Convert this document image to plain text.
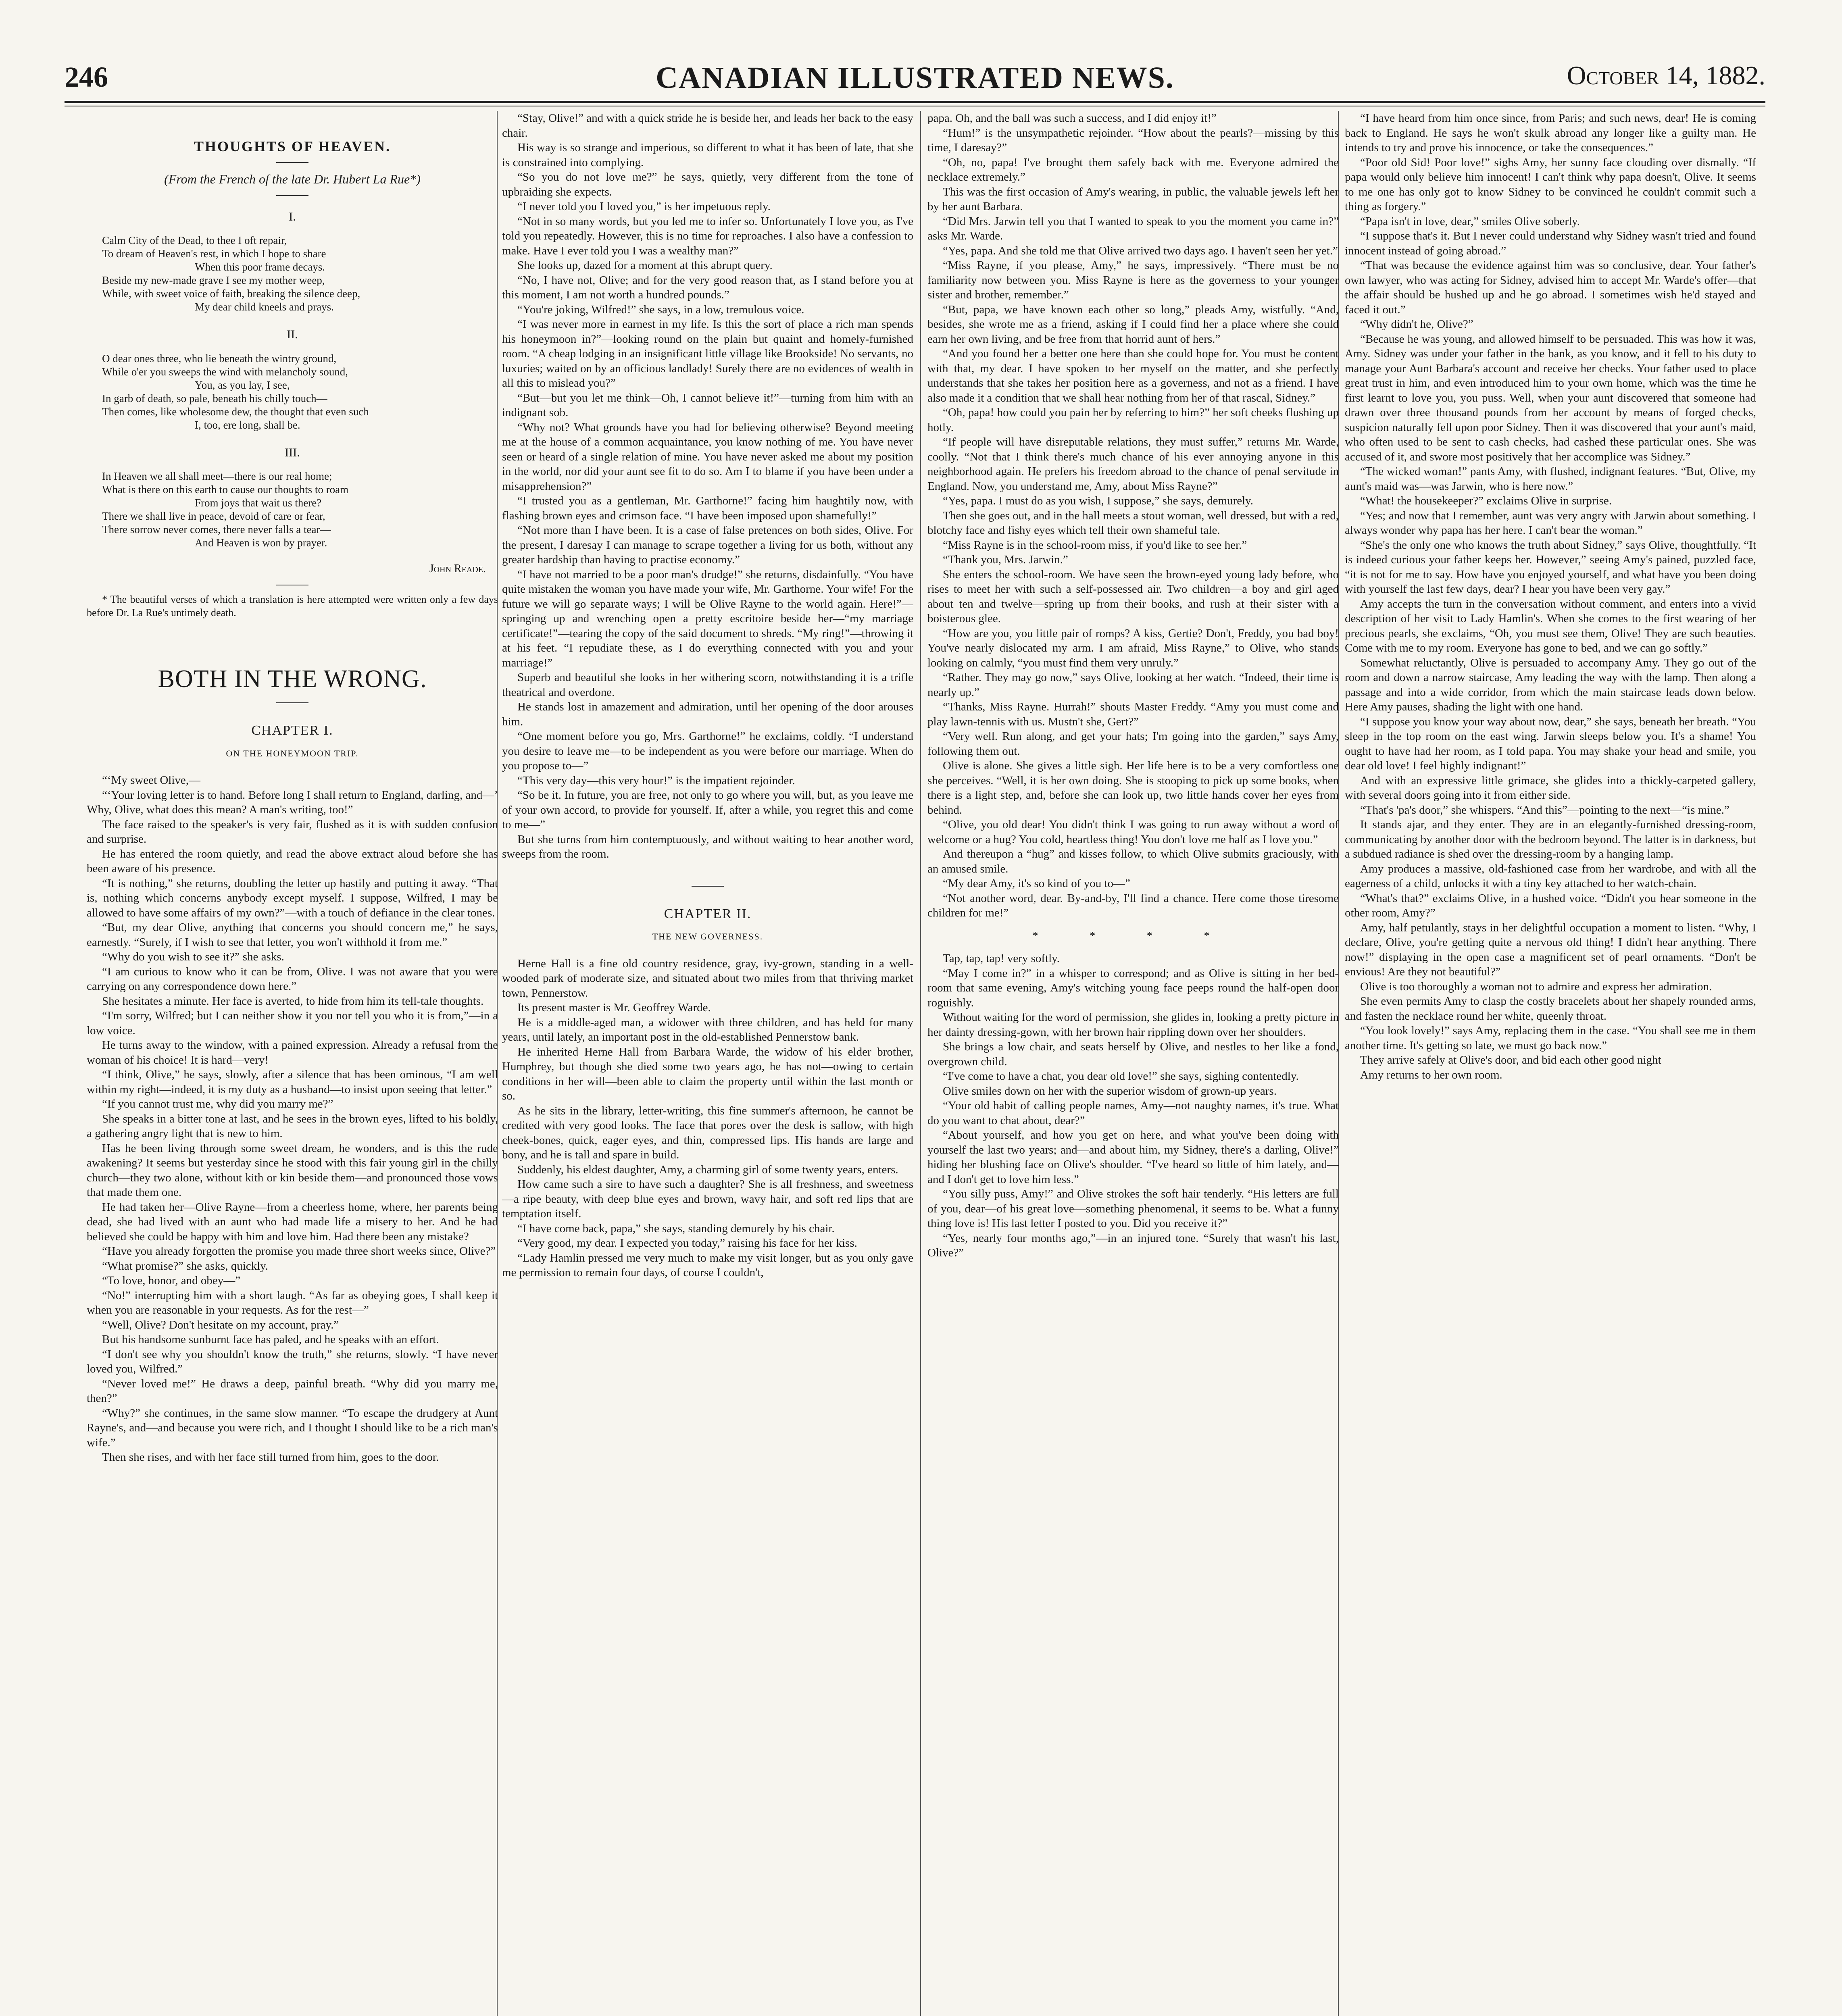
246	CANADIAN ILLUSTRATED NEWS.	October 14, 1882.
THOUGHTS OF HEAVEN.
(From the French of the late Dr. Hubert La Rue*)
I.

Calm City of the Dead, to thee I oft repair,

To dream of Heaven's rest, in which I hope to share

When this poor frame decays.

Beside my new-made grave I see my mother weep,

While, with sweet voice of faith, breaking the silence deep,

My dear child kneels and prays.

II.

O dear ones three, who lie beneath the wintry ground,

While o'er you sweeps the wind with melancholy sound,

You, as you lay, I see,

In garb of death, so pale, beneath his chilly touch—

Then comes, like wholesome dew, the thought that even such

I, too, ere long, shall be.

III.

In Heaven we all shall meet—there is our real home;

What is there on this earth to cause our thoughts to roam

From joys that wait us there?

There we shall live in peace, devoid of care or fear,

There sorrow never comes, there never falls a tear—

And Heaven is won by prayer.

John Reade.

* The beautiful verses of which a translation is here attempted were written only a few days before Dr. La Rue's untimely death.

BOTH IN THE WRONG.
CHAPTER I.
ON THE HONEYMOON TRIP.

“‘My sweet Olive,—

“‘Your loving letter is to hand. Before long I shall return to England, darling, and—’ Why, Olive, what does this mean? A man's writing, too!”

The face raised to the speaker's is very fair, flushed as it is with sudden confusion and surprise.

He has entered the room quietly, and read the above extract aloud before she has been aware of his presence.

“It is nothing,” she returns, doubling the letter up hastily and putting it away. “That is, nothing which concerns anybody except myself. I suppose, Wilfred, I may be allowed to have some affairs of my own?”—with a touch of defiance in the clear tones.

“But, my dear Olive, anything that concerns you should concern me,” he says, earnestly. “Surely, if I wish to see that letter, you won't withhold it from me.”

“Why do you wish to see it?” she asks.

“I am curious to know who it can be from, Olive. I was not aware that you were carrying on any correspondence down here.”

She hesitates a minute. Her face is averted, to hide from him its tell-tale thoughts.

“I'm sorry, Wilfred; but I can neither show it you nor tell you who it is from,”—in a low voice.

He turns away to the window, with a pained expression. Already a refusal from the woman of his choice! It is hard—very!

“I think, Olive,” he says, slowly, after a silence that has been ominous, “I am well within my right—indeed, it is my duty as a husband—to insist upon seeing that letter.”

“If you cannot trust me, why did you marry me?”

She speaks in a bitter tone at last, and he sees in the brown eyes, lifted to his boldly, a gathering angry light that is new to him.

Has he been living through some sweet dream, he wonders, and is this the rude awakening? It seems but yesterday since he stood with this fair young girl in the chilly church—they two alone, without kith or kin beside them—and pronounced those vows that made them one.

He had taken her—Olive Rayne—from a cheerless home, where, her parents being dead, she had lived with an aunt who had made life a misery to her. And he had believed she could be happy with him and love him. Had there been any mistake?

“Have you already forgotten the promise you made three short weeks since, Olive?”

“What promise?” she asks, quickly.

“To love, honor, and obey—”

“No!” interrupting him with a short laugh. “As far as obeying goes, I shall keep it when you are reasonable in your requests. As for the rest—”

“Well, Olive? Don't hesitate on my account, pray.”

But his handsome sunburnt face has paled, and he speaks with an effort.

“I don't see why you shouldn't know the truth,” she returns, slowly. “I have never loved you, Wilfred.”

“Never loved me!” He draws a deep, painful breath. “Why did you marry me, then?”

“Why?” she continues, in the same slow manner. “To escape the drudgery at Aunt Rayne's, and—and because you were rich, and I thought I should like to be a rich man's wife.”

Then she rises, and with her face still turned from him, goes to the door.

“Stay, Olive!” and with a quick stride he is beside her, and leads her back to the easy chair.

His way is so strange and imperious, so different to what it has been of late, that she is constrained into complying.

“So you do not love me?” he says, quietly, very different from the tone of upbraiding she expects.

“I never told you I loved you,” is her impetuous reply.

“Not in so many words, but you led me to infer so. Unfortunately I love you, as I've told you repeatedly. However, this is no time for reproaches. I also have a confession to make. Have I ever told you I was a wealthy man?”

She looks up, dazed for a moment at this abrupt query.

“No, I have not, Olive; and for the very good reason that, as I stand before you at this moment, I am not worth a hundred pounds.”

“You're joking, Wilfred!” she says, in a low, tremulous voice.

“I was never more in earnest in my life. Is this the sort of place a rich man spends his honeymoon in?”—looking round on the plain but quaint and homely-furnished room. “A cheap lodging in an insignificant little village like Brookside! No servants, no luxuries; waited on by an officious landlady! Surely there are no evidences of wealth in all this to mislead you?”

“But—but you let me think—Oh, I cannot believe it!”—turning from him with an indignant sob.

“Why not? What grounds have you had for believing otherwise? Beyond meeting me at the house of a common acquaintance, you know nothing of me. You have never seen or heard of a single relation of mine. You have never asked me about my position in the world, nor did your aunt see fit to do so. Am I to blame if you have been under a misapprehension?”

“I trusted you as a gentleman, Mr. Garthorne!” facing him haughtily now, with flashing brown eyes and crimson face. “I have been imposed upon shamefully!”

“Not more than I have been. It is a case of false pretences on both sides, Olive. For the present, I daresay I can manage to scrape together a living for us both, without any greater hardship than having to practise economy.”

“I have not married to be a poor man's drudge!” she returns, disdainfully. “You have quite mistaken the woman you have made your wife, Mr. Garthorne. Your wife! For the future we will go separate ways; I will be Olive Rayne to the world again. Here!”—springing up and wrenching open a pretty escritoire beside her—“my marriage certificate!”—tearing the copy of the said document to shreds. “My ring!”—throwing it at his feet. “I repudiate these, as I do everything connected with you and your marriage!”

Superb and beautiful she looks in her withering scorn, notwithstanding it is a trifle theatrical and overdone.

He stands lost in amazement and admiration, until her opening of the door arouses him.

“One moment before you go, Mrs. Garthorne!” he exclaims, coldly. “I understand you desire to leave me—to be independent as you were before our marriage. When do you propose to—”

“This very day—this very hour!” is the impatient rejoinder.

“So be it. In future, you are free, not only to go where you will, but, as you leave me of your own accord, to provide for yourself. If, after a while, you regret this and come to me—”

But she turns from him contemptuously, and without waiting to hear another word, sweeps from the room.

CHAPTER II.
THE NEW GOVERNESS.

Herne Hall is a fine old country residence, gray, ivy-grown, standing in a well-wooded park of moderate size, and situated about two miles from that thriving market town, Pennerstow.

Its present master is Mr. Geoffrey Warde.

He is a middle-aged man, a widower with three children, and has held for many years, until lately, an important post in the old-established Pennerstow bank.

He inherited Herne Hall from Barbara Warde, the widow of his elder brother, Humphrey, but though she died some two years ago, he has not—owing to certain conditions in her will—been able to claim the property until within the last month or so.

As he sits in the library, letter-writing, this fine summer's afternoon, he cannot be credited with very good looks. The face that pores over the desk is sallow, with high cheek-bones, quick, eager eyes, and thin, compressed lips. His hands are large and bony, and he is tall and spare in build.

Suddenly, his eldest daughter, Amy, a charming girl of some twenty years, enters.

How came such a sire to have such a daughter? She is all freshness, and sweetness—a ripe beauty, with deep blue eyes and brown, wavy hair, and soft red lips that are temptation itself.

“I have come back, papa,” she says, standing demurely by his chair.

“Very good, my dear. I expected you today,” raising his face for her kiss.

“Lady Hamlin pressed me very much to make my visit longer, but as you only gave me permission to remain four days, of course I couldn't,

papa. Oh, and the ball was such a success, and I did enjoy it!”

“Hum!” is the unsympathetic rejoinder. “How about the pearls?—missing by this time, I daresay?”

“Oh, no, papa! I've brought them safely back with me. Everyone admired the necklace extremely.”

This was the first occasion of Amy's wearing, in public, the valuable jewels left her by her aunt Barbara.

“Did Mrs. Jarwin tell you that I wanted to speak to you the moment you came in?” asks Mr. Warde.

“Yes, papa. And she told me that Olive arrived two days ago. I haven't seen her yet.”

“Miss Rayne, if you please, Amy,” he says, impressively. “There must be no familiarity now between you. Miss Rayne is here as the governess to your younger sister and brother, remember.”

“But, papa, we have known each other so long,” pleads Amy, wistfully. “And, besides, she wrote me as a friend, asking if I could find her a place where she could earn her own living, and be free from that horrid aunt of hers.”

“And you found her a better one here than she could hope for. You must be content with that, my dear. I have spoken to her myself on the matter, and she perfectly understands that she takes her position here as a governess, and not as a friend. I have also made it a condition that we shall hear nothing from her of that rascal, Sidney.”

“Oh, papa! how could you pain her by referring to him?” her soft cheeks flushing up hotly.

“If people will have disreputable relations, they must suffer,” returns Mr. Warde, coolly. “Not that I think there's much chance of his ever annoying anyone in this neighborhood again. He prefers his freedom abroad to the chance of penal servitude in England. Now, you understand me, Amy, about Miss Rayne?”

“Yes, papa. I must do as you wish, I suppose,” she says, demurely.

Then she goes out, and in the hall meets a stout woman, well dressed, but with a red, blotchy face and fishy eyes which tell their own shameful tale.

“Miss Rayne is in the school-room miss, if you'd like to see her.”

“Thank you, Mrs. Jarwin.”

She enters the school-room. We have seen the brown-eyed young lady before, who rises to meet her with such a self-possessed air. Two children—a boy and girl aged about ten and twelve—spring up from their books, and rush at their sister with a boisterous glee.

“How are you, you little pair of romps? A kiss, Gertie? Don't, Freddy, you bad boy! You've nearly dislocated my arm. I am afraid, Miss Rayne,” to Olive, who stands looking on calmly, “you must find them very unruly.”

“Rather. They may go now,” says Olive, looking at her watch. “Indeed, their time is nearly up.”

“Thanks, Miss Rayne. Hurrah!” shouts Master Freddy. “Amy you must come and play lawn-tennis with us. Mustn't she, Gert?”

“Very well. Run along, and get your hats; I'm going into the garden,” says Amy, following them out.

Olive is alone. She gives a little sigh. Her life here is to be a very comfortless one she perceives. “Well, it is her own doing. She is stooping to pick up some books, when there is a light step, and, before she can look up, two little hands cover her eyes from behind.

“Olive, you old dear! You didn't think I was going to run away without a word of welcome or a hug? You cold, heartless thing! You don't love me half as I love you.”

And thereupon a “hug” and kisses follow, to which Olive submits graciously, with an amused smile.

“My dear Amy, it's so kind of you to—”

“Not another word, dear. By-and-by, I'll find a chance. Here come those tiresome children for me!”

* * * *

Tap, tap, tap! very softly.

“May I come in?” in a whisper to correspond; and as Olive is sitting in her bed-room that same evening, Amy's witching young face peeps round the half-open door roguishly.

Without waiting for the word of permission, she glides in, looking a pretty picture in her dainty dressing-gown, with her brown hair rippling down over her shoulders.

She brings a low chair, and seats herself by Olive, and nestles to her like a fond, overgrown child.

“I've come to have a chat, you dear old love!” she says, sighing contentedly.

Olive smiles down on her with the superior wisdom of grown-up years.

“Your old habit of calling people names, Amy—not naughty names, it's true. What do you want to chat about, dear?”

“About yourself, and how you get on here, and what you've been doing with yourself the last two years; and—and about him, my Sidney, there's a darling, Olive!” hiding her blushing face on Olive's shoulder. “I've heard so little of him lately, and—and I don't get to love him less.”

“You silly puss, Amy!” and Olive strokes the soft hair tenderly. “His letters are full of you, dear—of his great love—something phenomenal, it seems to be. What a funny thing love is! His last letter I posted to you. Did you receive it?”

“Yes, nearly four months ago,”—in an injured tone. “Surely that wasn't his last, Olive?”

“I have heard from him once since, from Paris; and such news, dear! He is coming back to England. He says he won't skulk abroad any longer like a guilty man. He intends to try and prove his innocence, or take the consequences.”

“Poor old Sid! Poor love!” sighs Amy, her sunny face clouding over dismally. “If papa would only believe him innocent! I can't think why papa doesn't, Olive. It seems to me one has only got to know Sidney to be convinced he couldn't commit such a thing as forgery.”

“Papa isn't in love, dear,” smiles Olive soberly.

“I suppose that's it. But I never could understand why Sidney wasn't tried and found innocent instead of going abroad.”

“That was because the evidence against him was so conclusive, dear. Your father's own lawyer, who was acting for Sidney, advised him to accept Mr. Warde's offer—that the affair should be hushed up and he go abroad. I sometimes wish he'd stayed and faced it out.”

“Why didn't he, Olive?”

“Because he was young, and allowed himself to be persuaded. This was how it was, Amy. Sidney was under your father in the bank, as you know, and it fell to his duty to manage your Aunt Barbara's account and receive her checks. Your father used to place great trust in him, and even introduced him to your own home, which was the time he first learnt to love you, you puss. Well, when your aunt discovered that someone had drawn over three thousand pounds from her account by means of forged checks, suspicion naturally fell upon poor Sidney. Then it was discovered that your aunt's maid, who often used to be sent to cash checks, had cashed these particular ones. She was accused of it, and swore most positively that her accomplice was Sidney.”

“The wicked woman!” pants Amy, with flushed, indignant features. “But, Olive, my aunt's maid was—was Jarwin, who is here now.”

“What! the housekeeper?” exclaims Olive in surprise.

“Yes; and now that I remember, aunt was very angry with Jarwin about something. I always wonder why papa has her here. I can't bear the woman.”

“She's the only one who knows the truth about Sidney,” says Olive, thoughtfully. “It is indeed curious your father keeps her. However,” seeing Amy's pained, puzzled face, “it is not for me to say. How have you enjoyed yourself, and what have you been doing with yourself the last few days, dear? I hear you have been very gay.”

Amy accepts the turn in the conversation without comment, and enters into a vivid description of her visit to Lady Hamlin's. When she comes to the first wearing of her precious pearls, she exclaims, “Oh, you must see them, Olive! They are such beauties. Come with me to my room. Everyone has gone to bed, and we can go softly.”

Somewhat reluctantly, Olive is persuaded to accompany Amy. They go out of the room and down a narrow staircase, Amy leading the way with the lamp. Then along a passage and into a wide corridor, from which the main staircase leads down below. Here Amy pauses, shading the light with one hand.

“I suppose you know your way about now, dear,” she says, beneath her breath. “You sleep in the top room on the east wing. Jarwin sleeps below you. It's a shame! You ought to have had her room, as I told papa. You may shake your head and smile, you dear old love! I feel highly indignant!”

And with an expressive little grimace, she glides into a thickly-carpeted gallery, with several doors going into it from either side.

“That's 'pa's door,” she whispers. “And this”—pointing to the next—“is mine.”

It stands ajar, and they enter. They are in an elegantly-furnished dressing-room, communicating by another door with the bedroom beyond. The latter is in darkness, but a subdued radiance is shed over the dressing-room by a hanging lamp.

Amy produces a massive, old-fashioned case from her wardrobe, and with all the eagerness of a child, unlocks it with a tiny key attached to her watch-chain.

“What's that?” exclaims Olive, in a hushed voice. “Didn't you hear someone in the other room, Amy?”

Amy, half petulantly, stays in her delightful occupation a moment to listen. “Why, I declare, Olive, you're getting quite a nervous old thing! I didn't hear anything. There now!” displaying in the open case a magnificent set of pearl ornaments. “Don't be envious! Are they not beautiful?”

Olive is too thoroughly a woman not to admire and express her admiration.

She even permits Amy to clasp the costly bracelets about her shapely rounded arms, and fasten the necklace round her white, queenly throat.

“You look lovely!” says Amy, replacing them in the case. “You shall see me in them another time. It's getting so late, we must go back now.”

They arrive safely at Olive's door, and bid each other good night

Amy returns to her own room.
